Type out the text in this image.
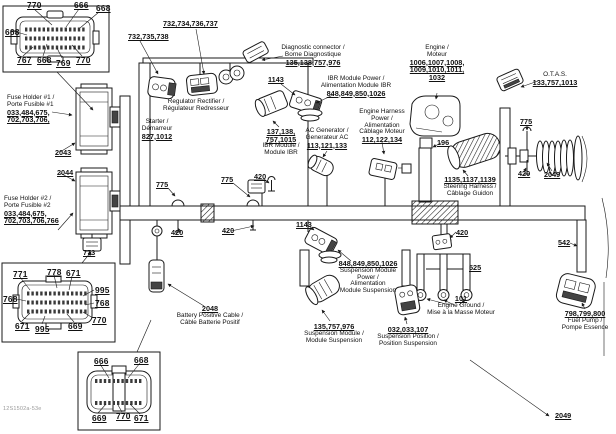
770	666 668
668
767 668 769 770
771 778 671
768
995
768
770
671 995 669
773
666	668
669 770 671
Fuse Holder #1 /
Porte Fusible #1
033,484,675,
702,703,706,
2043
2044
Fuse Holder #2 /
Porte Fusible #2
033,484,675,
702,703,706,766
732,735,738
732,734,736,737
Regulator Rectifier /
Régulateur Redresseur
Starter /
Démarreur
827,1012
Diagnostic connector /
Borne Diagnostique
135,138,757,976
1143	IBR Module Power /
Alimentation Module IBR
848,849,850,1026
137,138,
757,1015
IBR Module /
Module IBR
420
AC Generator /
Generateur AC
113,121,133
Engine Harness
Power /
Alimentation
Câblage Moteur
112,122,134
Engine /
Moteur
1006,1007,1008,
1009,1010,1011,
1032
196
O.T.A.S.
133,757,1013
775
420 2049
1135,1137,1139
Steering Harness /
Câblage Guidon
420
775
420
775
420
1143
848,849,850,1026
Suspension Module
Power /
Alimentation
Module Suspension
135,757,976
Suspension Module /
Module Suspension
032,033,107
Suspension Position /
Position Suspension
525
101
Engine Ground /
Mise à la Masse Moteur
542
798,799,800
Fuel Pump /
Pompe Essence
2048
Battery Positive Cable /
Câble Batterie Positif
2049
12S1502a-53e
